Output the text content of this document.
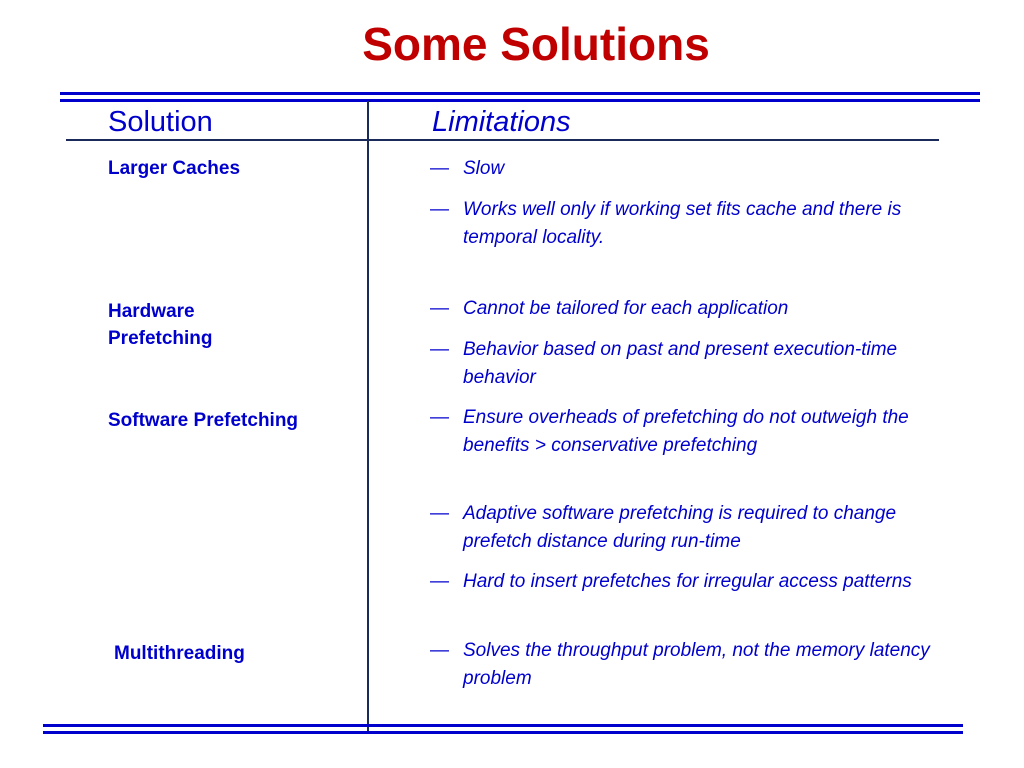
Some Solutions
Solution	Limitations
Larger Caches
Hardware Prefetching
Software Prefetching
Multithreading
— Slow
— Works well only if working set fits cache and there is temporal locality.
— Cannot be tailored for each application
— Behavior based on past and present execution-time behavior
— Ensure overheads of prefetching do not outweigh the benefits > conservative prefetching
— Adaptive software prefetching is required to change prefetch distance during run-time
— Hard to insert prefetches for irregular access patterns
— Solves the throughput problem, not the memory latency problem
